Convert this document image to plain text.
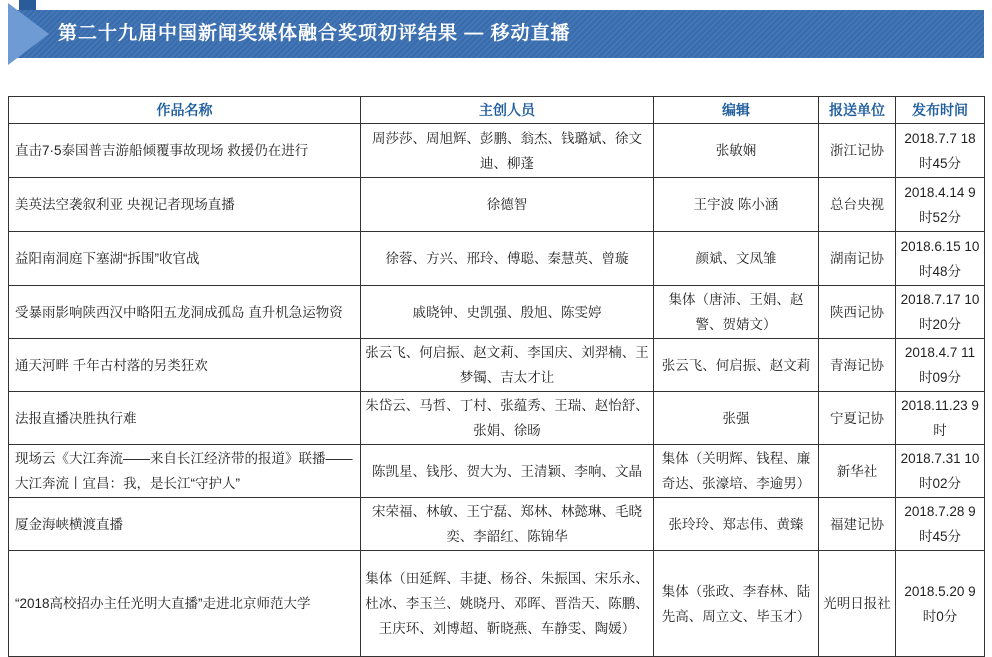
第二十九届中国新闻奖媒体融合奖项初评结果 — 移动直播
作品名称	主创人员	编辑	报送单位	发布时间
直击7·5泰国普吉游船倾覆事故现场 救援仍在进行	周莎莎、周旭辉、彭鹏、翁杰、钱璐斌、徐文迪、柳蓬	张敏娴	浙江记协	2018.7.7 18时45分
美英法空袭叙利亚 央视记者现场直播	徐德智	王宇波 陈小涵	总台央视	2018.4.14 9时52分
益阳南洞庭下塞湖“拆围”收官战	徐蓉、方兴、邢玲、傅聪、秦慧英、曾璇	颜斌、文凤雏	湖南记协	2018.6.15 10时48分
受暴雨影响陕西汉中略阳五龙洞成孤岛 直升机急运物资	戚晓钟、史凯强、殷旭、陈雯婷	集体（唐沛、王娟、赵警、贺婧文）	陕西记协	2018.7.17 10时20分
通天河畔 千年古村落的另类狂欢	张云飞、何启振、赵文莉、李国庆、刘羿楠、王梦镯、吉太才让	张云飞、何启振、赵文莉	青海记协	2018.4.7 11时09分
法报直播决胜执行难	朱岱云、马哲、丁村、张蕴秀、王瑞、赵怡舒、张娟、徐旸	张强	宁夏记协	2018.11.23 9时
现场云《大江奔流——来自长江经济带的报道》联播——大江奔流丨宜昌：我，是长江“守护人”	陈凯星、钱彤、贺大为、王清颖、李响、文晶	集体（关明辉、钱程、廉奇达、张濠培、李逾男）	新华社	2018.7.31 10时02分
厦金海峡横渡直播	宋荣福、林敏、王宁磊、郑林、林懿琳、毛晓奕、李韶红、陈锦华	张玲玲、郑志伟、黄臻	福建记协	2018.7.28 9时45分
“2018高校招办主任光明大直播”走进北京师范大学	集体（田延辉、丰捷、杨谷、朱振国、宋乐永、杜冰、李玉兰、姚晓丹、邓晖、晋浩天、陈鹏、王庆环、刘博超、靳晓燕、车静雯、陶媛）	集体（张政、李春林、陆先高、周立文、毕玉才）	光明日报社	2018.5.20 9时0分
